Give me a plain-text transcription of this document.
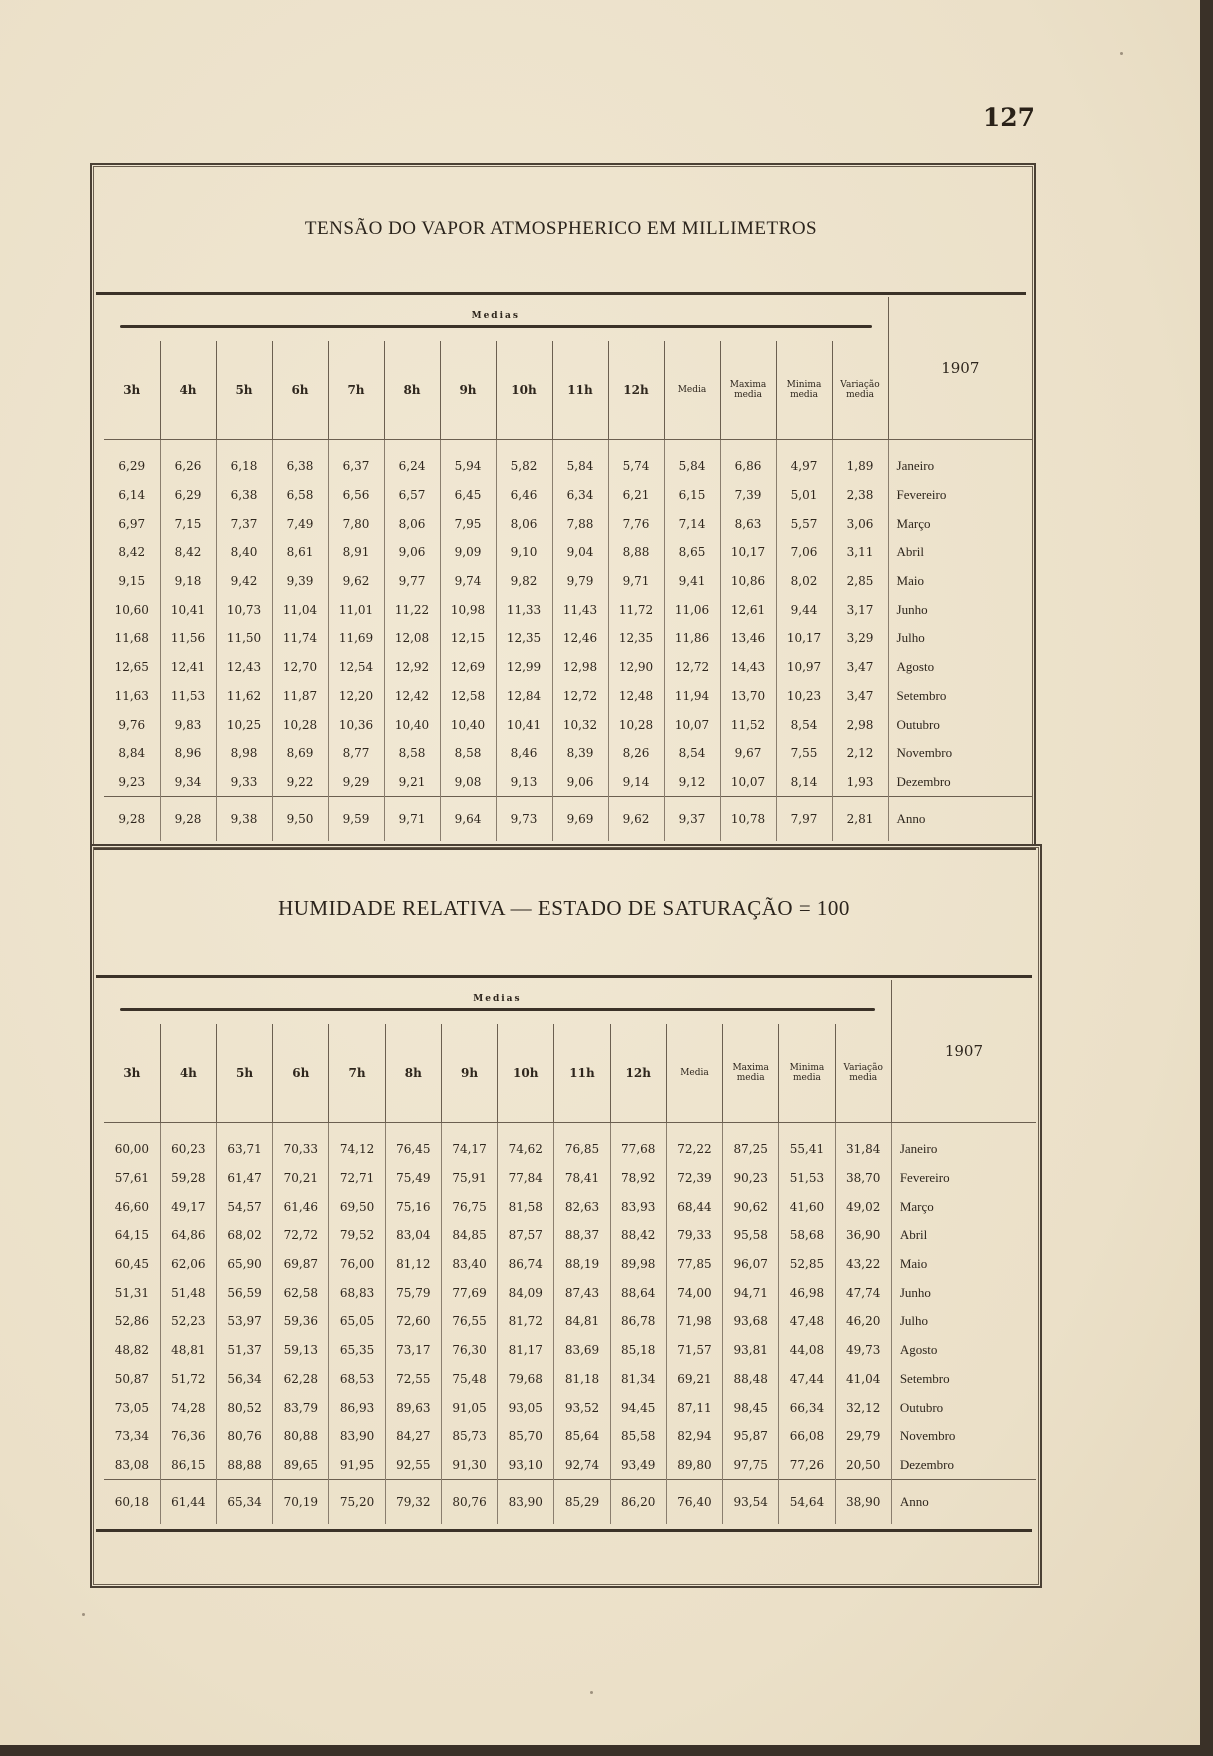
127
TENSÃO DO VAPOR ATMOSPHERICO EM MILLIMETROS
Medias														1907
3h	4h	5h	6h	7h	8h	9h	10h	11h	12h	Media	Maxima media	Minima media	Variação media	
6,29	6,26	6,18	6,38	6,37	6,24	5,94	5,82	5,84	5,74	5,84	6,86	4,97	1,89	Janeiro
6,14	6,29	6,38	6,58	6,56	6,57	6,45	6,46	6,34	6,21	6,15	7,39	5,01	2,38	Fevereiro
6,97	7,15	7,37	7,49	7,80	8,06	7,95	8,06	7,88	7,76	7,14	8,63	5,57	3,06	Março
8,42	8,42	8,40	8,61	8,91	9,06	9,09	9,10	9,04	8,88	8,65	10,17	7,06	3,11	Abril
9,15	9,18	9,42	9,39	9,62	9,77	9,74	9,82	9,79	9,71	9,41	10,86	8,02	2,85	Maio
10,60	10,41	10,73	11,04	11,01	11,22	10,98	11,33	11,43	11,72	11,06	12,61	9,44	3,17	Junho
11,68	11,56	11,50	11,74	11,69	12,08	12,15	12,35	12,46	12,35	11,86	13,46	10,17	3,29	Julho
12,65	12,41	12,43	12,70	12,54	12,92	12,69	12,99	12,98	12,90	12,72	14,43	10,97	3,47	Agosto
11,63	11,53	11,62	11,87	12,20	12,42	12,58	12,84	12,72	12,48	11,94	13,70	10,23	3,47	Setembro
9,76	9,83	10,25	10,28	10,36	10,40	10,40	10,41	10,32	10,28	10,07	11,52	8,54	2,98	Outubro
8,84	8,96	8,98	8,69	8,77	8,58	8,58	8,46	8,39	8,26	8,54	9,67	7,55	2,12	Novembro
9,23	9,34	9,33	9,22	9,29	9,21	9,08	9,13	9,06	9,14	9,12	10,07	8,14	1,93	Dezembro
9,28	9,28	9,38	9,50	9,59	9,71	9,64	9,73	9,69	9,62	9,37	10,78	7,97	2,81	Anno
HUMIDADE RELATIVA — ESTADO DE SATURAÇÃO = 100
Medias														1907
3h	4h	5h	6h	7h	8h	9h	10h	11h	12h	Media	Maxima media	Minima media	Variação media	
60,00	60,23	63,71	70,33	74,12	76,45	74,17	74,62	76,85	77,68	72,22	87,25	55,41	31,84	Janeiro
57,61	59,28	61,47	70,21	72,71	75,49	75,91	77,84	78,41	78,92	72,39	90,23	51,53	38,70	Fevereiro
46,60	49,17	54,57	61,46	69,50	75,16	76,75	81,58	82,63	83,93	68,44	90,62	41,60	49,02	Março
64,15	64,86	68,02	72,72	79,52	83,04	84,85	87,57	88,37	88,42	79,33	95,58	58,68	36,90	Abril
60,45	62,06	65,90	69,87	76,00	81,12	83,40	86,74	88,19	89,98	77,85	96,07	52,85	43,22	Maio
51,31	51,48	56,59	62,58	68,83	75,79	77,69	84,09	87,43	88,64	74,00	94,71	46,98	47,74	Junho
52,86	52,23	53,97	59,36	65,05	72,60	76,55	81,72	84,81	86,78	71,98	93,68	47,48	46,20	Julho
48,82	48,81	51,37	59,13	65,35	73,17	76,30	81,17	83,69	85,18	71,57	93,81	44,08	49,73	Agosto
50,87	51,72	56,34	62,28	68,53	72,55	75,48	79,68	81,18	81,34	69,21	88,48	47,44	41,04	Setembro
73,05	74,28	80,52	83,79	86,93	89,63	91,05	93,05	93,52	94,45	87,11	98,45	66,34	32,12	Outubro
73,34	76,36	80,76	80,88	83,90	84,27	85,73	85,70	85,64	85,58	82,94	95,87	66,08	29,79	Novembro
83,08	86,15	88,88	89,65	91,95	92,55	91,30	93,10	92,74	93,49	89,80	97,75	77,26	20,50	Dezembro
60,18	61,44	65,34	70,19	75,20	79,32	80,76	83,90	85,29	86,20	76,40	93,54	54,64	38,90	Anno
